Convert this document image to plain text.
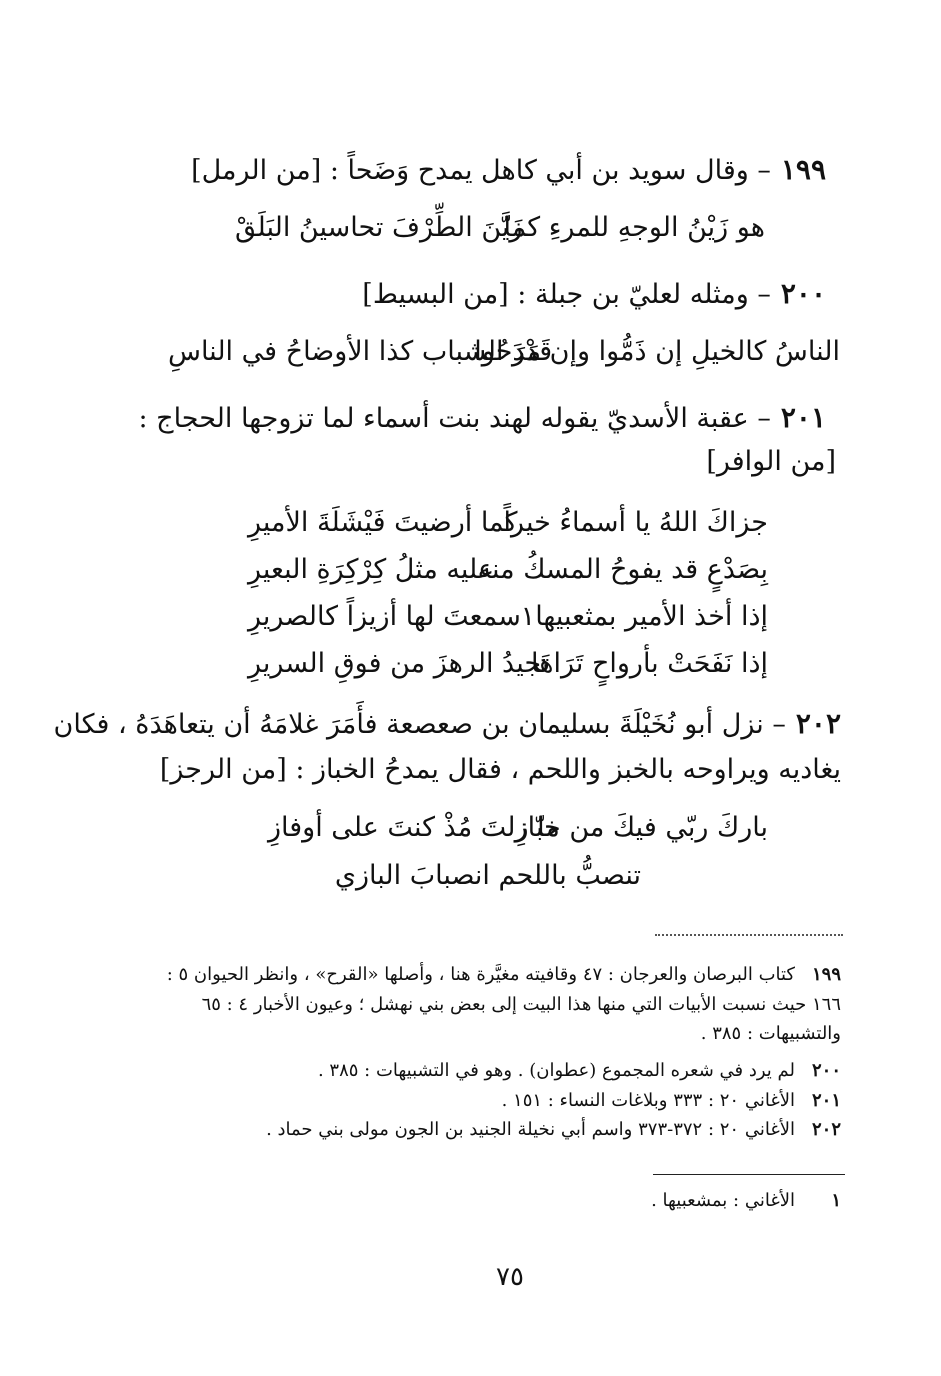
١٩٩– وقال سويد بن أبي كاهل يمدح وَضَحاً : [من الرمل]
هو زَيْنُ الوجهِ للمرءِ كما
زَيَّنَ الطِّرْفَ تحاسينُ البَلَقْ
٢٠٠– ومثله لعليّ بن جبلة : [من البسيط]
الناسُ كالخيلِ إن ذَمُّوا وإن مَدَحُوا
قَدْرَ الشباب كذا الأوضاحُ في الناسِ
٢٠١– عقبة الأسديّ يقوله لهند بنت أسماء لما تزوجها الحجاج :
[من الوافر]
جزاكَ اللهُ يا أسماءُ خيراً
كما أرضيتَ فَيْشَلَةَ الأميرِ
بِصَدْعٍ قد يفوحُ المسكُ منه
عليه مثلُ كِرْكِرَةِ البعيرِ
إذا أخذ الأمير بمثعبيها١
سمعتَ لها أزيزاً كالصريرِ
إذا نَفَحَتْ بأرواحٍ تَرَاهَا
تجيدُ الرهزَ من فوقِ السريرِ
٢٠٢– نزل أبو نُخَيْلَةَ بسليمان بن صعصعة فأَمَرَ غلامَهُ أن يتعاهَدَهُ ، فكان
يغاديه ويراوحه بالخبز واللحم ، فقال يمدحُ الخباز : [من الرجز]
باركَ ربّي فيكَ من خبّازِ
ما زلتَ مُذْ كنتَ على أوفازِ
تنصبُّ باللحم انصبابَ البازي
١٩٩كتاب البرصان والعرجان : ٤٧ وقافيته مغيَّرة هنا ، وأصلها «القرح» ، وانظر الحيوان ٥ :
١٦٦ حيث نسبت الأبيات التي منها هذا البيت إلى بعض بني نهشل ؛ وعيون الأخبار ٤ : ٦٥
والتشبيهات : ٣٨٥ .
٢٠٠لم يرد في شعره المجموع (عطوان) . وهو في التشبيهات : ٣٨٥ .
٢٠١الأغاني ٢٠ : ٣٣٣ وبلاغات النساء : ١٥١ .
٢٠٢الأغاني ٢٠ : ٣٧٢-٣٧٣ واسم أبي نخيلة الجنيد بن الجون مولى بني حماد .
١الأغاني : بمشعبيها .
٧٥
